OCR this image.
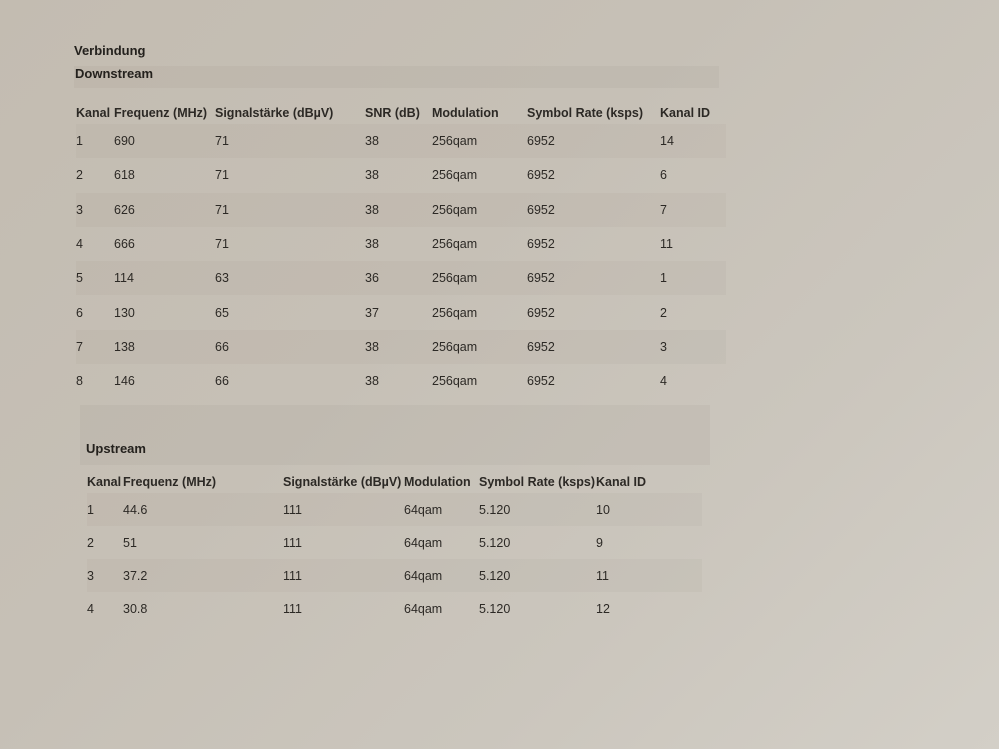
Verbindung
Downstream
Kanal	Frequenz (MHz)	Signalstärke (dBµV)	SNR (dB)	Modulation	Symbol Rate (ksps)	Kanal ID
1	690	71	38	256qam	6952	14
2	618	71	38	256qam	6952	6
3	626	71	38	256qam	6952	7
4	666	71	38	256qam	6952	11
5	114	63	36	256qam	6952	1
6	130	65	37	256qam	6952	2
7	138	66	38	256qam	6952	3
8	146	66	38	256qam	6952	4
Upstream
Kanal	Frequenz (MHz)	Signalstärke (dBµV)	Modulation	Symbol Rate (ksps)	Kanal ID
1	44.6	111	64qam	5.120	10
2	51	111	64qam	5.120	9
3	37.2	111	64qam	5.120	11
4	30.8	111	64qam	5.120	12
